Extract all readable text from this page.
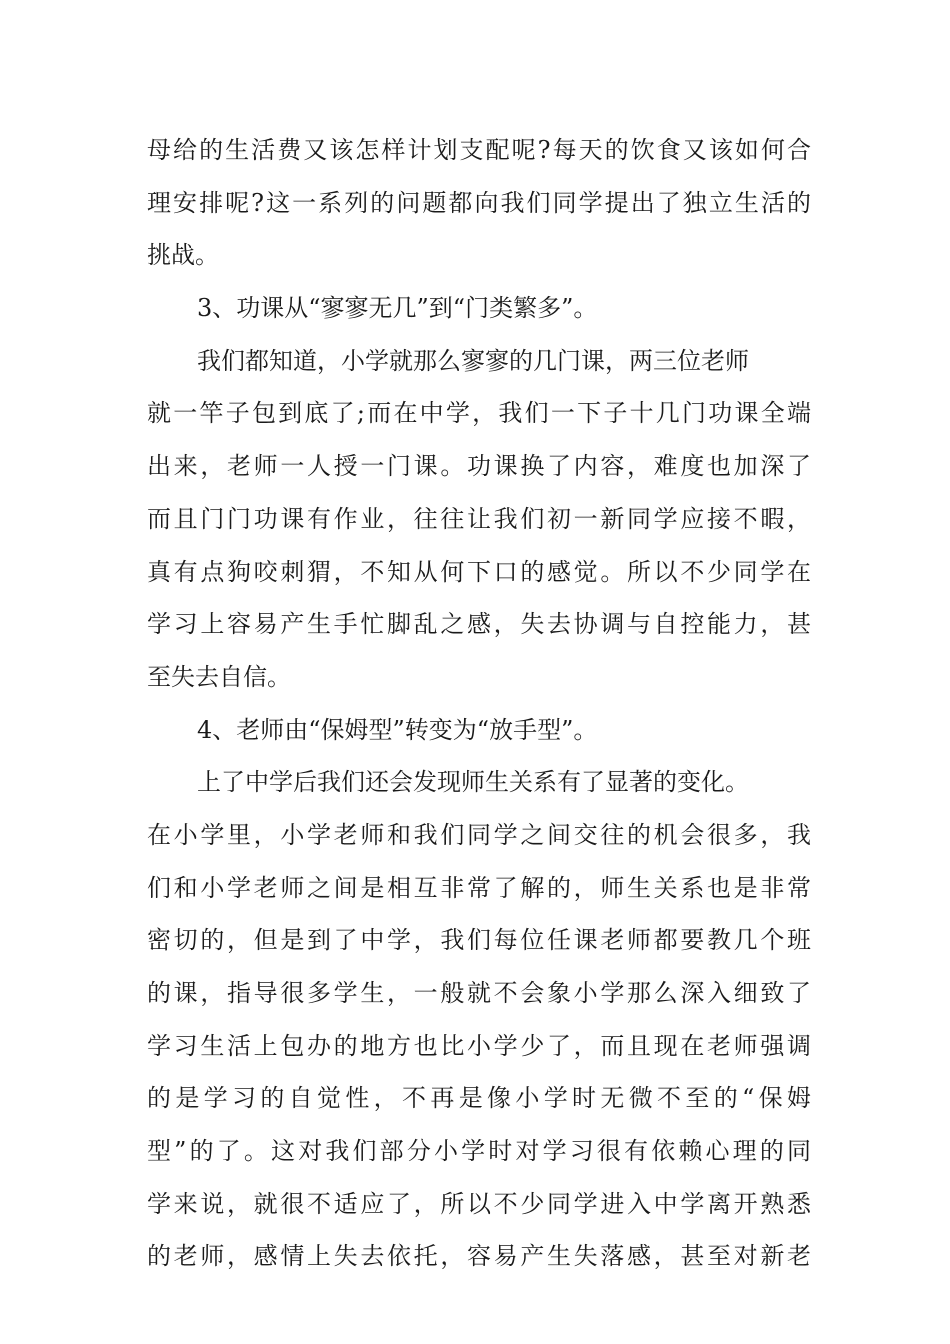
母给的生活费又该怎样计划支配呢?每天的饮食又该如何合
理安排呢?这一系列的问题都向我们同学提出了独立生活的
挑战。
3、功课从“寥寥无几”到“门类繁多”。
我们都知道，小学就那么寥寥的几门课，两三位老师
就一竿子包到底了;而在中学，我们一下子十几门功课全端
出来，老师一人授一门课。功课换了内容，难度也加深了
而且门门功课有作业，往往让我们初一新同学应接不暇，
真有点狗咬刺猬，不知从何下口的感觉。所以不少同学在
学习上容易产生手忙脚乱之感，失去协调与自控能力，甚
至失去自信。
4、老师由“保姆型”转变为“放手型”。
上了中学后我们还会发现师生关系有了显著的变化。
在小学里，小学老师和我们同学之间交往的机会很多，我
们和小学老师之间是相互非常了解的，师生关系也是非常
密切的，但是到了中学，我们每位任课老师都要教几个班
的课，指导很多学生，一般就不会象小学那么深入细致了
学习生活上包办的地方也比小学少了，而且现在老师强调
的是学习的自觉性，不再是像小学时无微不至的“保姆
型”的了。这对我们部分小学时对学习很有依赖心理的同
学来说，就很不适应了，所以不少同学进入中学离开熟悉
的老师，感情上失去依托，容易产生失落感，甚至对新老
